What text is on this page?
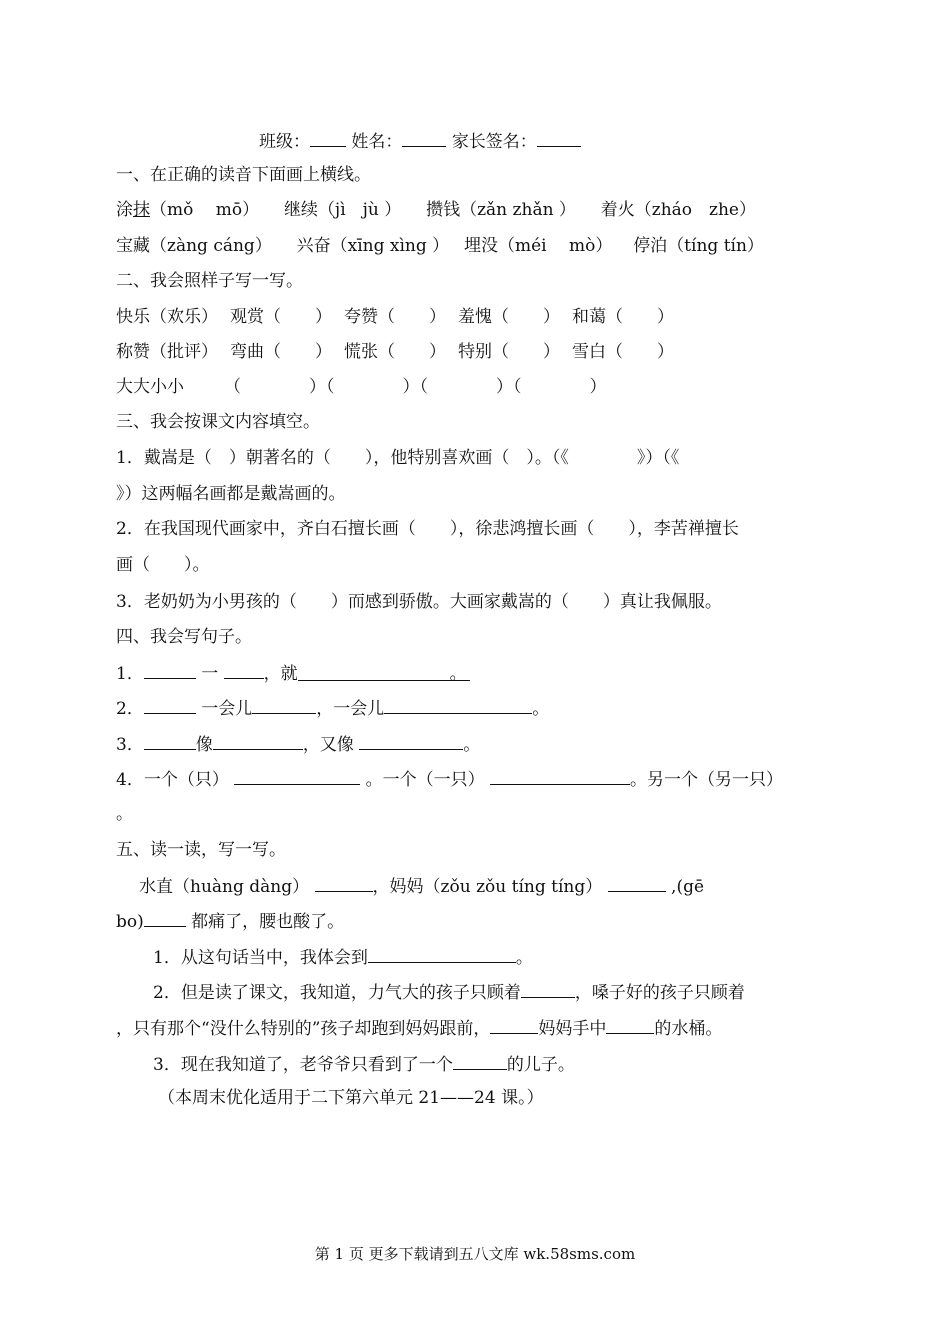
班级： 姓名：	家长签名：
一、在正确的读音下面画上横线。
涂抹（mǒ　 mō） 继续（jì　jù ） 攒钱（zǎn zhǎn ） 着火（zháo　zhe）
宝藏（zàng cáng） 兴奋（xīng xìng ） 埋没（méi　 mò） 停泊（tíng tín）
二、我会照样子写一写。
快乐（欢乐） 观赏（　　） 夸赞（　　） 羞愧（　　） 和蔼（　　）
称赞（批评） 弯曲（　　） 慌张（　　） 特别（　　） 雪白（　　）
大大小小 （　　　　）（　　　　）（　　　　）（　　　　）
三、我会按课文内容填空。
1．戴嵩是（　）朝著名的（　　），他特别喜欢画（　）。（《　　　　》）（《
》）这两幅名画都是戴嵩画的。
2．在我国现代画家中，齐白石擅长画（　　），徐悲鸿擅长画（　　），李苦禅擅长
画（　　）。
3．老奶奶为小男孩的（　　）而感到骄傲。大画家戴嵩的（　　）真让我佩服。
四、我会写句子。
1．	一	，就	。
2．	一会儿	，一会儿	。
3．	像	，又像	。
4．一个（只）	。一个（一只）	。另一个（另一只）
。
五、读一读，写一写。
水直（huàng dàng）	，妈妈（zǒu zǒu tíng tíng）	,(gē
bo)	都痛了，腰也酸了。
1．从这句话当中，我体会到	。
2．但是读了课文，我知道，力气大的孩子只顾着	，嗓子好的孩子只顾着
，只有那个“没什么特别的”孩子却跑到妈妈跟前，	妈妈手中	的水桶。
3．现在我知道了，老爷爷只看到了一个	的儿子。
（本周末优化适用于二下第六单元 21——24 课。）
第 1 页 更多下载请到五八文库 wk.58sms.com
